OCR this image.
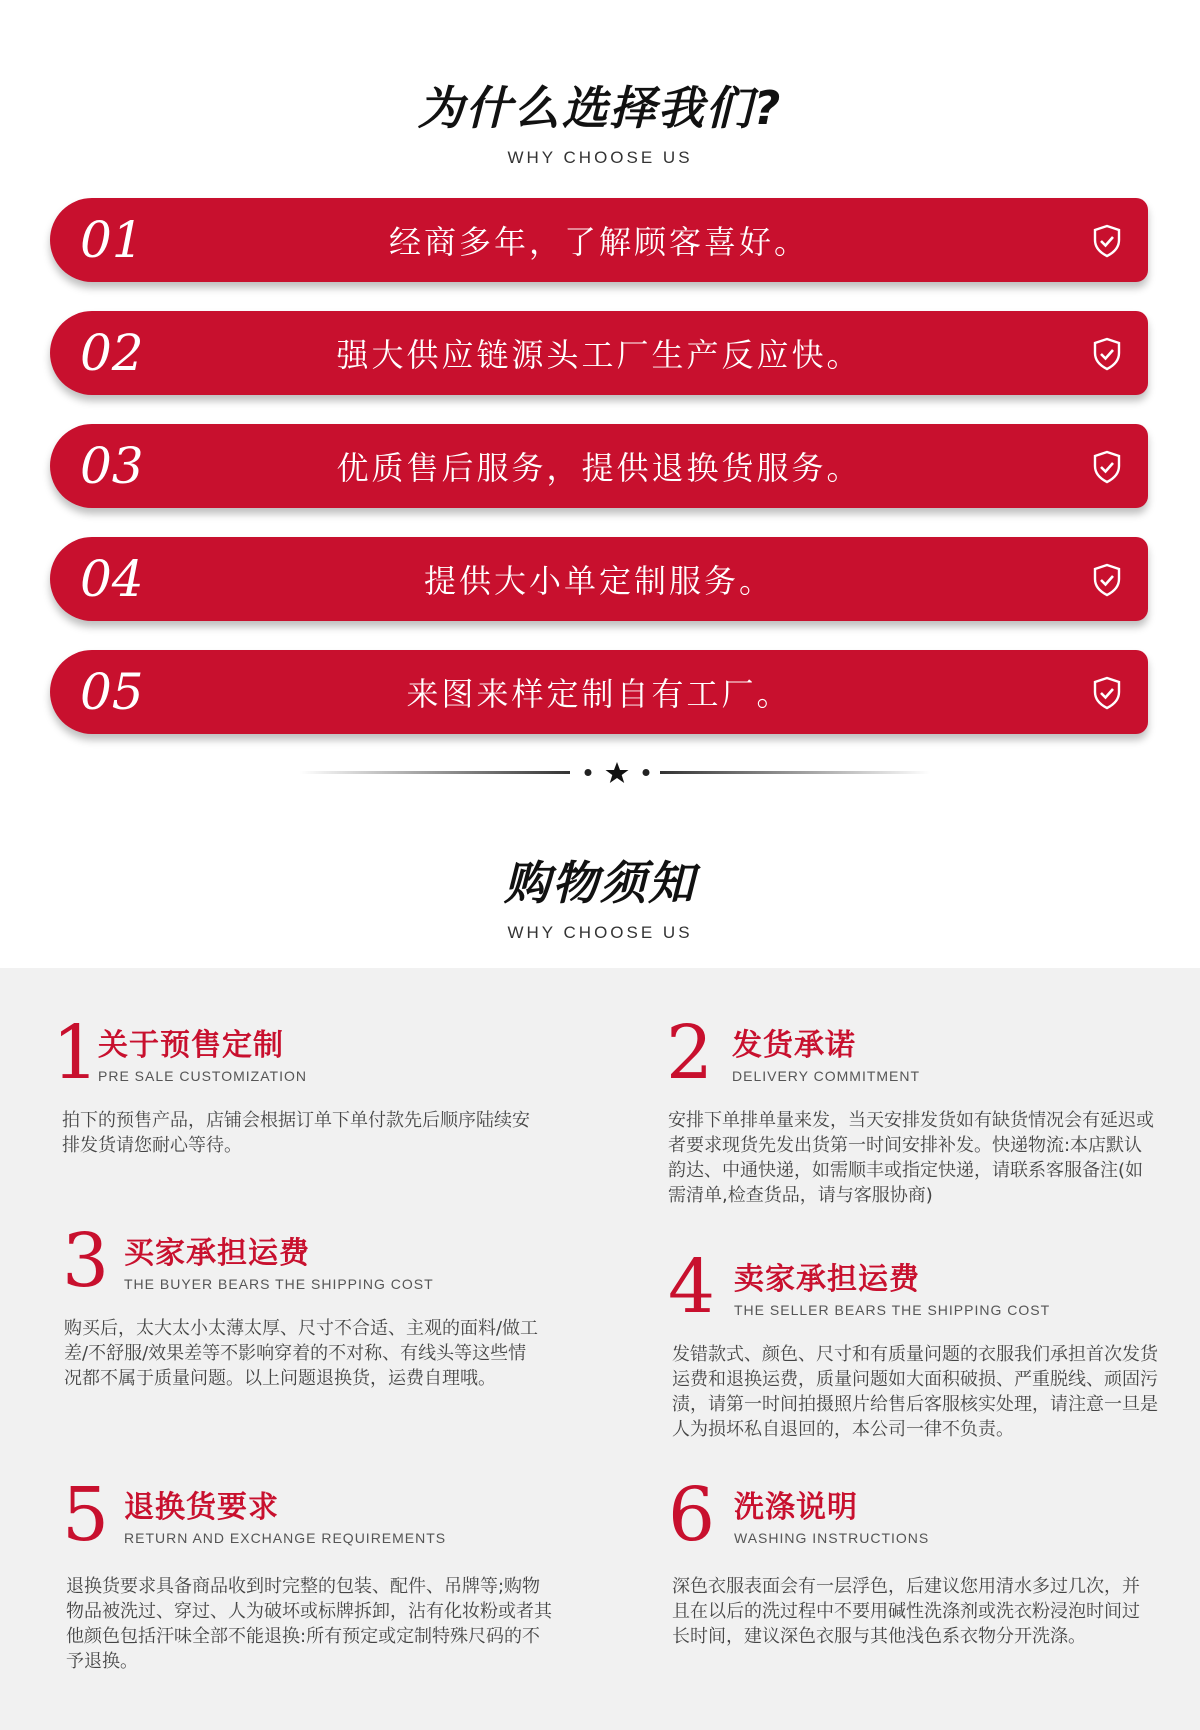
为什么选择我们?
WHY CHOOSE US
01	经商多年，了解顾客喜好。
02	强大供应链源头工厂生产反应快。
03	优质售后服务，提供退换货服务。
04	提供大小单定制服务。
05	来图来样定制自有工厂。
购物须知
WHY CHOOSE US
1
关于预售定制
PRE SALE CUSTOMIZATION
拍下的预售产品，店铺会根据订单下单付款先后顺序陆续安排发货请您耐心等待。
2 发货承诺
DELIVERY COMMITMENT
安排下单排单量来发，当天安排发货如有缺货情况会有延迟或者要求现货先发出货第一时间安排补发。快递物流:本店默认韵达、中通快递，如需顺丰或指定快递，请联系客服备注(如需清单,检查货品，请与客服协商)
3 买家承担运费
THE BUYER BEARS THE SHIPPING COST
购买后，太大太小太薄太厚、尺寸不合适、主观的面料/做工差/不舒服/效果差等不影响穿着的不对称、有线头等这些情况都不属于质量问题。以上问题退换货，运费自理哦。
4 卖家承担运费
THE SELLER BEARS THE SHIPPING COST
发错款式、颜色、尺寸和有质量问题的衣服我们承担首次发货运费和退换运费，质量问题如大面积破损、严重脱线、顽固污渍，请第一时间拍摄照片给售后客服核实处理，请注意一旦是人为损坏私自退回的，本公司一律不负责。
5 退换货要求
RETURN AND EXCHANGE REQUIREMENTS
退换货要求具备商品收到时完整的包装、配件、吊牌等;购物物品被洗过、穿过、人为破坏或标牌拆卸，沾有化妆粉或者其他颜色包括汗味全部不能退换:所有预定或定制特殊尺码的不予退换。
6 洗涤说明
WASHING INSTRUCTIONS
深色衣服表面会有一层浮色，后建议您用清水多过几次，并且在以后的洗过程中不要用碱性洗涤剂或洗衣粉浸泡时间过长时间，建议深色衣服与其他浅色系衣物分开洗涤。
